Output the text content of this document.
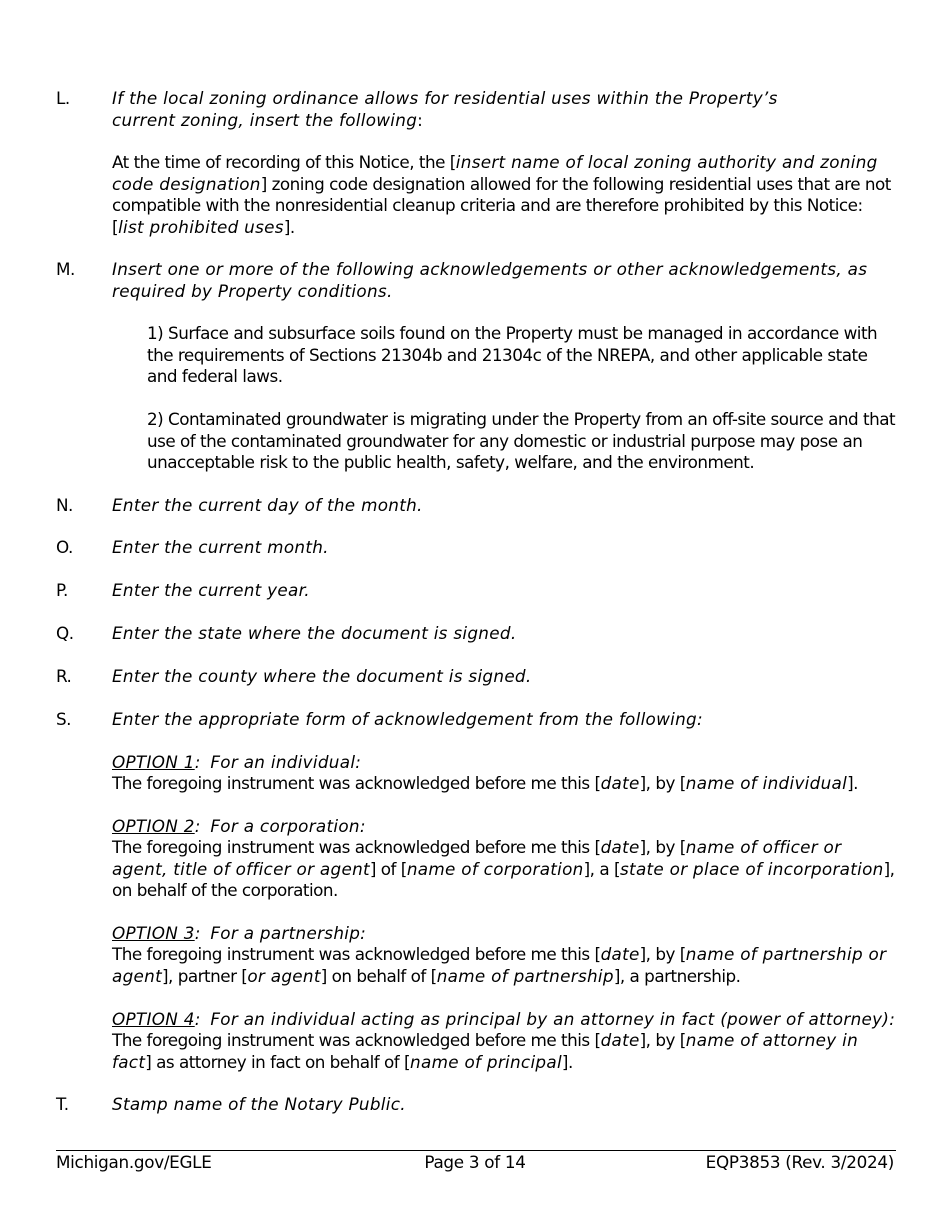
L.	If the local zoning ordinance allows for residential uses within the Property’s current zoning, insert the following:
At the time of recording of this Notice, the [insert name of local zoning authority and zoning code designation] zoning code designation allowed for the following residential uses that are not compatible with the nonresidential cleanup criteria and are therefore prohibited by this Notice: [list prohibited uses].
M.	Insert one or more of the following acknowledgements or other acknowledgements, as required by Property conditions.
1) Surface and subsurface soils found on the Property must be managed in accordance with the requirements of Sections 21304b and 21304c of the NREPA, and other applicable state and federal laws.
2) Contaminated groundwater is migrating under the Property from an off-site source and that use of the contaminated groundwater for any domestic or industrial purpose may pose an unacceptable risk to the public health, safety, welfare, and the environment.
N.	Enter the current day of the month.
O.	Enter the current month.
P.	Enter the current year.
Q.	Enter the state where the document is signed.
R.	Enter the county where the document is signed.
S.	Enter the appropriate form of acknowledgement from the following:
OPTION 1: For an individual:
The foregoing instrument was acknowledged before me this [date], by [name of individual].
OPTION 2: For a corporation:
The foregoing instrument was acknowledged before me this [date], by [name of officer or agent, title of officer or agent] of [name of corporation], a [state or place of incorporation], on behalf of the corporation.
OPTION 3: For a partnership:
The foregoing instrument was acknowledged before me this [date], by [name of partnership or agent], partner [or agent] on behalf of [name of partnership], a partnership.
OPTION 4: For an individual acting as principal by an attorney in fact (power of attorney):
The foregoing instrument was acknowledged before me this [date], by [name of attorney in fact] as attorney in fact on behalf of [name of principal].
T.	Stamp name of the Notary Public.
Michigan.gov/EGLE	Page 3 of 14	EQP3853 (Rev. 3/2024)
